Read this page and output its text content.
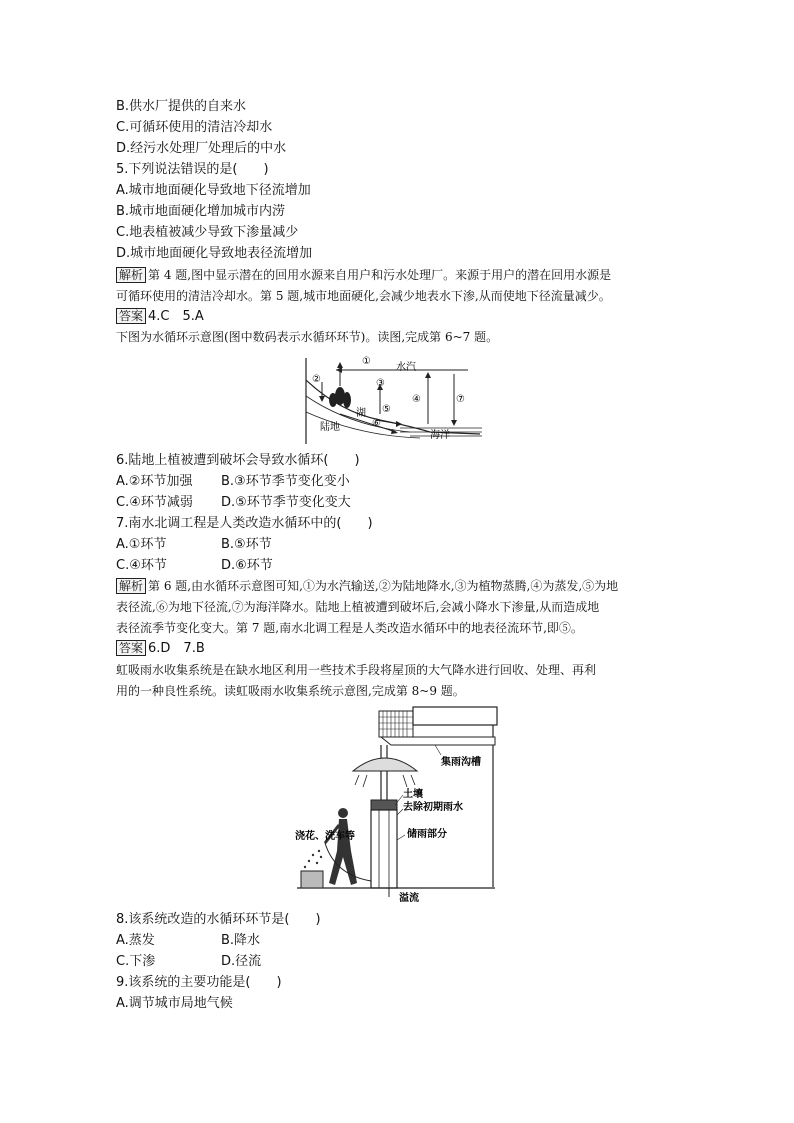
B.供水厂提供的自来水
C.可循环使用的清洁冷却水
D.经污水处理厂处理后的中水
5.下列说法错误的是(　　)
A.城市地面硬化导致地下径流增加
B.城市地面硬化增加城市内涝
C.地表植被减少导致下渗量减少
D.城市地面硬化导致地表径流增加
解析 第 4 题,图中显示潜在的回用水源来自用户和污水处理厂。来源于用户的潜在回用水源是
可循环使用的清洁冷却水。第 5 题,城市地面硬化,会减少地表水下渗,从而使地下径流量减少。
答案 4.C　5.A
下图为水循环示意图(图中数码表示水循环环节)。读图,完成第 6~7 题。
①
②	③
④
⑤
⑥
⑦
水汽
陆地
湖
海洋
6.陆地上植被遭到破坏会导致水循环(　　)
A.②环节加强 B.③环节季节变化变小
C.④环节减弱 D.⑤环节季节变化变大
7.南水北调工程是人类改造水循环中的(　　)
A.①环节	B.⑤环节
C.④环节	D.⑥环节
解析 第 6 题,由水循环示意图可知,①为水汽输送,②为陆地降水,③为植物蒸腾,④为蒸发,⑤为地
表径流,⑥为地下径流,⑦为海洋降水。陆地上植被遭到破坏后,会减小降水下渗量,从而造成地
表径流季节变化变大。第 7 题,南水北调工程是人类改造水循环中的地表径流环节,即⑤。
答案 6.D　7.B
虹吸雨水收集系统是在缺水地区利用一些技术手段将屋顶的大气降水进行回收、处理、再利
用的一种良性系统。读虹吸雨水收集系统示意图,完成第 8~9 题。
集雨沟槽
土壤
去除初期雨水
储雨部分
浇花、洗车等
溢流
8.该系统改造的水循环环节是(　　)
A.蒸发	B.降水
C.下渗	D.径流
9.该系统的主要功能是(　　)
A.调节城市局地气候
